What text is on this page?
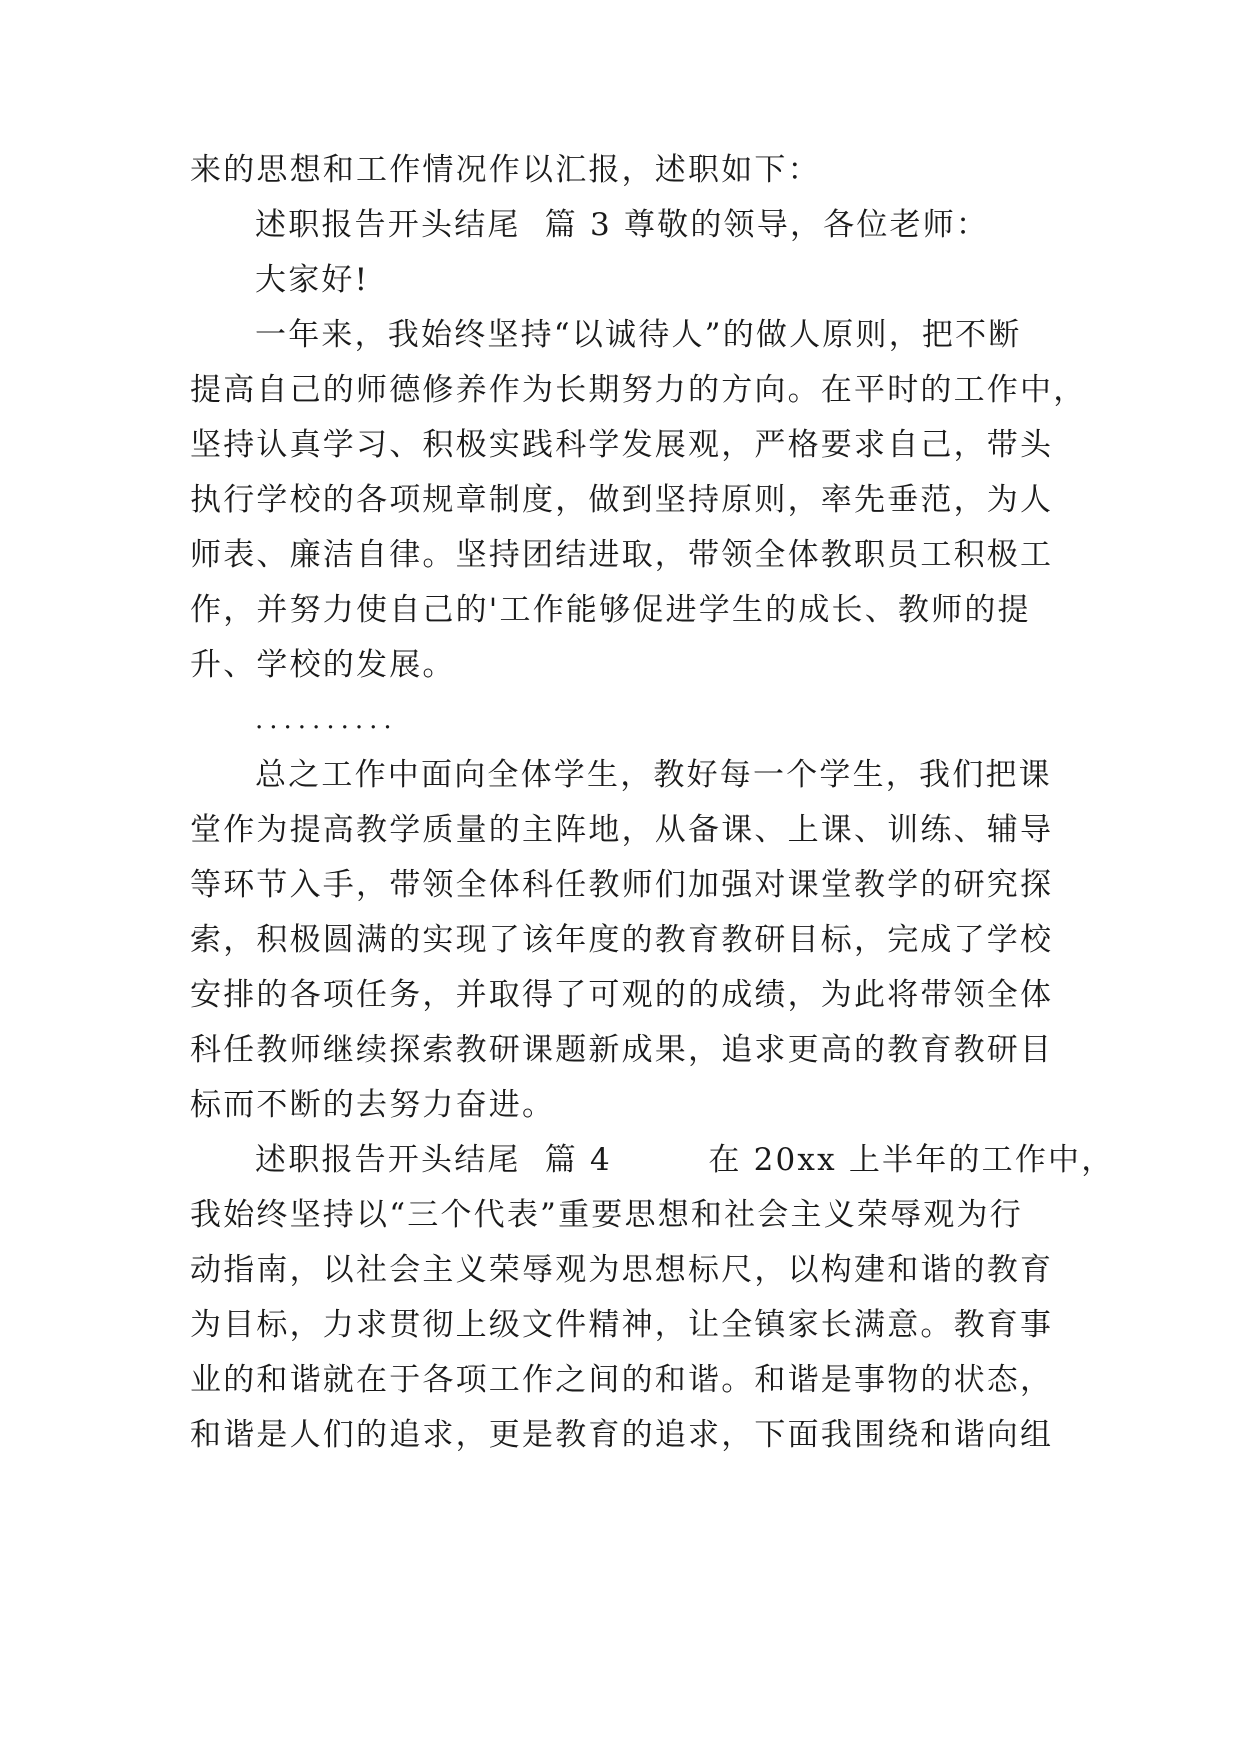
来的思想和工作情况作以汇报，述职如下：
述职报告开头结尾  篇 3 尊敬的领导，各位老师：
大家好!
一年来，我始终坚持“以诚待人”的做人原则，把不断
提高自己的师德修养作为长期努力的方向。在平时的工作中，
坚持认真学习、积极实践科学发展观，严格要求自己，带头
执行学校的各项规章制度，做到坚持原则，率先垂范，为人
师表、廉洁自律。坚持团结进取，带领全体教职员工积极工
作，并努力使自己的'工作能够促进学生的成长、教师的提
升、学校的发展。
..........
总之工作中面向全体学生，教好每一个学生，我们把课
堂作为提高教学质量的主阵地，从备课、上课、训练、辅导
等环节入手，带领全体科任教师们加强对课堂教学的研究探
索，积极圆满的实现了该年度的教育教研目标，完成了学校
安排的各项任务，并取得了可观的的成绩，为此将带领全体
科任教师继续探索教研课题新成果，追求更高的教育教研目
标而不断的去努力奋进。
述职报告开头结尾  篇 4        在 20xx 上半年的工作中，
我始终坚持以“三个代表”重要思想和社会主义荣辱观为行
动指南，以社会主义荣辱观为思想标尺，以构建和谐的教育
为目标，力求贯彻上级文件精神，让全镇家长满意。教育事
业的和谐就在于各项工作之间的和谐。和谐是事物的状态，
和谐是人们的追求，更是教育的追求，下面我围绕和谐向组
